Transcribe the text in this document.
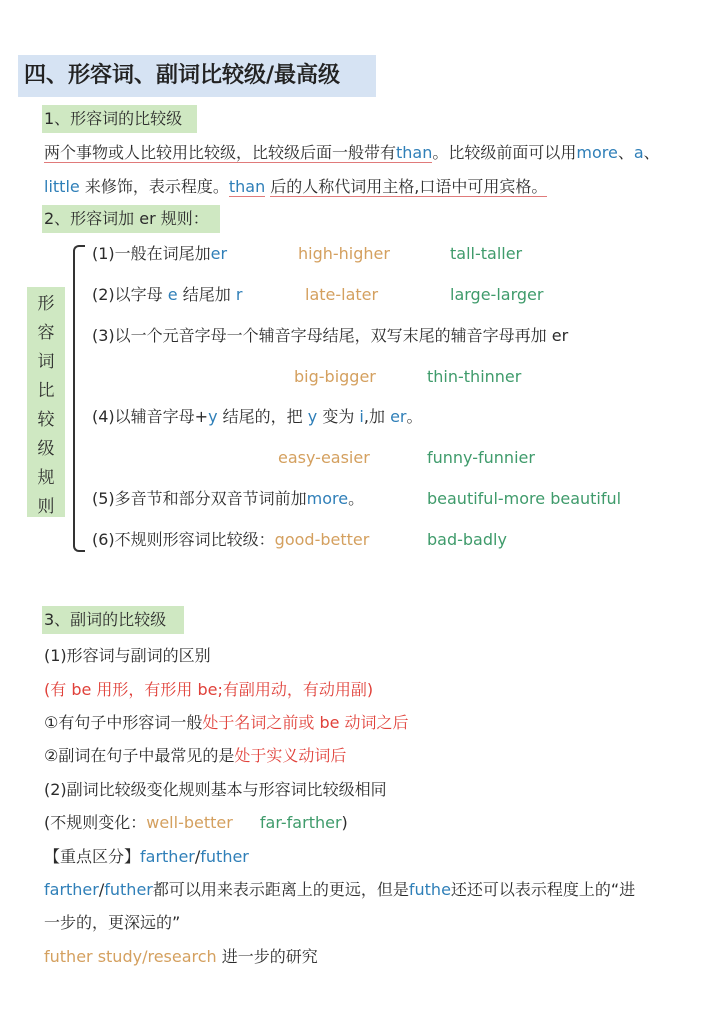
四、形容词、副词比较级/最高级
1、形容词的比较级
两个事物或人比较用比较级，比较级后面一般带有than。比较级前面可以用more、a、
little 来修饰，表示程度。than 后的人称代词用主格,口语中可用宾格。
2、形容词加 er 规则：
形
容
词
比
较
级
规
则
(1)一般在词尾加er	high-higher	tall-taller
(2)以字母 e 结尾加 r	late-later	large-larger
(3)以一个元音字母一个辅音字母结尾，双写末尾的辅音字母再加 er
big-bigger	thin-thinner
(4)以辅音字母+y 结尾的，把 y 变为 i,加 er。
easy-easier	funny-funnier
(5)多音节和部分双音节词前加more。	beautiful-more beautiful
(6)不规则形容词比较级：good-better	bad-badly
3、副词的比较级
(1)形容词与副词的区别
(有 be 用形，有形用 be;有副用动，有动用副)
①有句子中形容词一般处于名词之前或 be 动词之后
②副词在句子中最常见的是处于实义动词后
(2)副词比较级变化规则基本与形容词比较级相同
(不规则变化：well-better far-farther)
【重点区分】farther/futher
farther/futher都可以用来表示距离上的更远，但是futhe还还可以表示程度上的“进
一步的，更深远的”
futher study/research 进一步的研究
